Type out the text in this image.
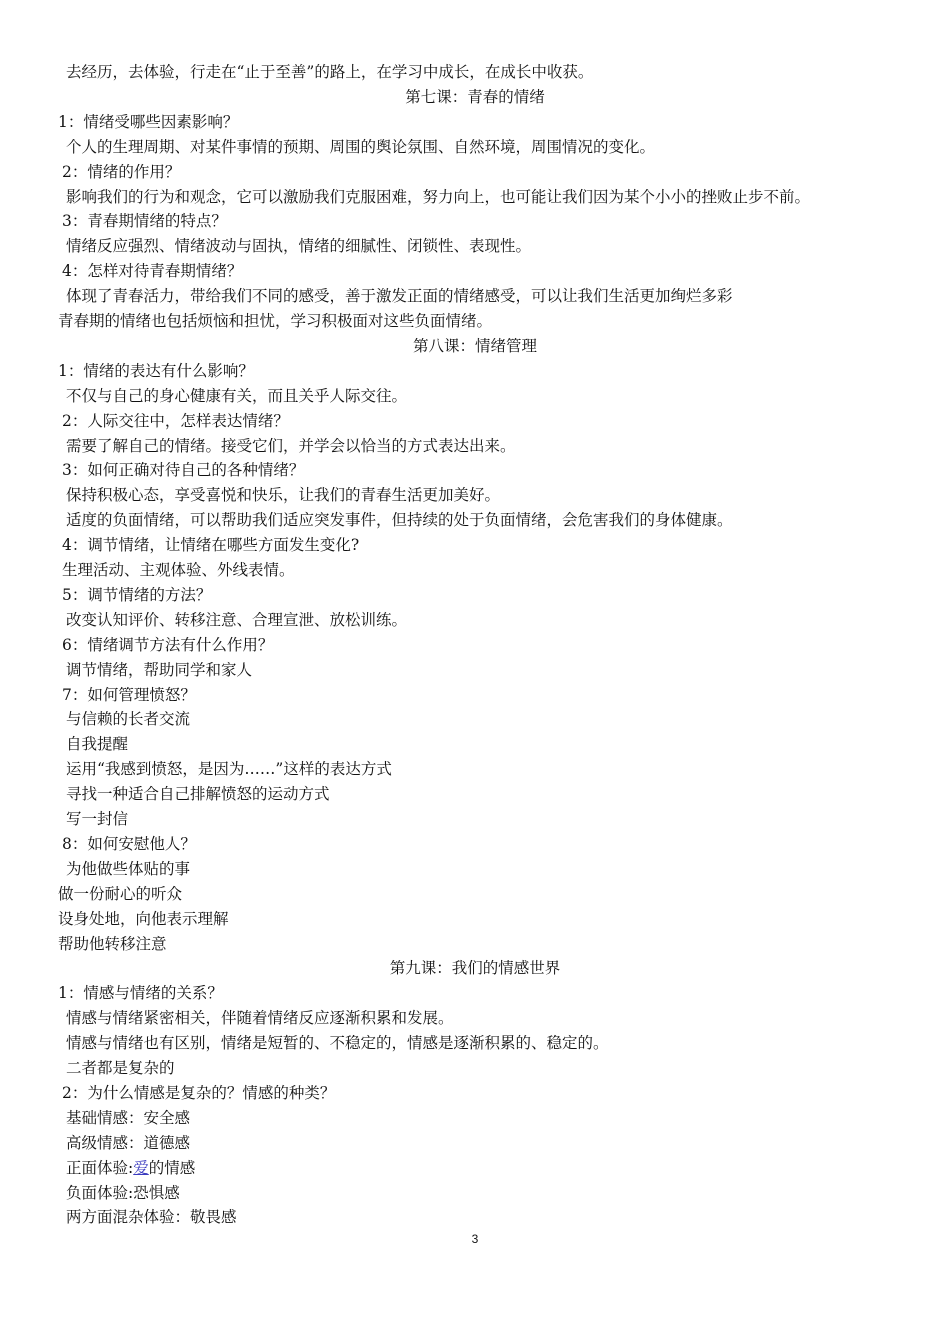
3
去经历，去体验，行走在“止于至善”的路上，在学习中成长，在成长中收获。
第七课：青春的情绪
1：情绪受哪些因素影响？
个人的生理周期、对某件事情的预期、周围的舆论氛围、自然环境，周围情况的变化。
2：情绪的作用？
影响我们的行为和观念，它可以激励我们克服困难，努力向上，也可能让我们因为某个小小的挫败止步不前。
3：青春期情绪的特点？
情绪反应强烈、情绪波动与固执，情绪的细腻性、闭锁性、表现性。
4：怎样对待青春期情绪？
体现了青春活力，带给我们不同的感受，善于激发正面的情绪感受，可以让我们生活更加绚烂多彩
青春期的情绪也包括烦恼和担忧，学习积极面对这些负面情绪。
第八课：情绪管理
1：情绪的表达有什么影响？
不仅与自己的身心健康有关，而且关乎人际交往。
2：人际交往中，怎样表达情绪？
需要了解自己的情绪。接受它们，并学会以恰当的方式表达出来。
3：如何正确对待自己的各种情绪？
保持积极心态，享受喜悦和快乐，让我们的青春生活更加美好。
适度的负面情绪，可以帮助我们适应突发事件，但持续的处于负面情绪，会危害我们的身体健康。
4：调节情绪，让情绪在哪些方面发生变化?
生理活动、主观体验、外线表情。
5：调节情绪的方法？
改变认知评价、转移注意、合理宣泄、放松训练。
6：情绪调节方法有什么作用？
调节情绪，帮助同学和家人
7：如何管理愤怒？
与信赖的长者交流
自我提醒
运用“我感到愤怒，是因为……”这样的表达方式
寻找一种适合自己排解愤怒的运动方式
写一封信
8：如何安慰他人？
为他做些体贴的事
做一份耐心的听众
设身处地，向他表示理解
帮助他转移注意
第九课：我们的情感世界
1：情感与情绪的关系？
情感与情绪紧密相关，伴随着情绪反应逐渐积累和发展。
情感与情绪也有区别，情绪是短暂的、不稳定的，情感是逐渐积累的、稳定的。
二者都是复杂的
2：为什么情感是复杂的？情感的种类？
基础情感：安全感
高级情感：道德感
正面体验:爱的情感
负面体验:恐惧感
两方面混杂体验：敬畏感
